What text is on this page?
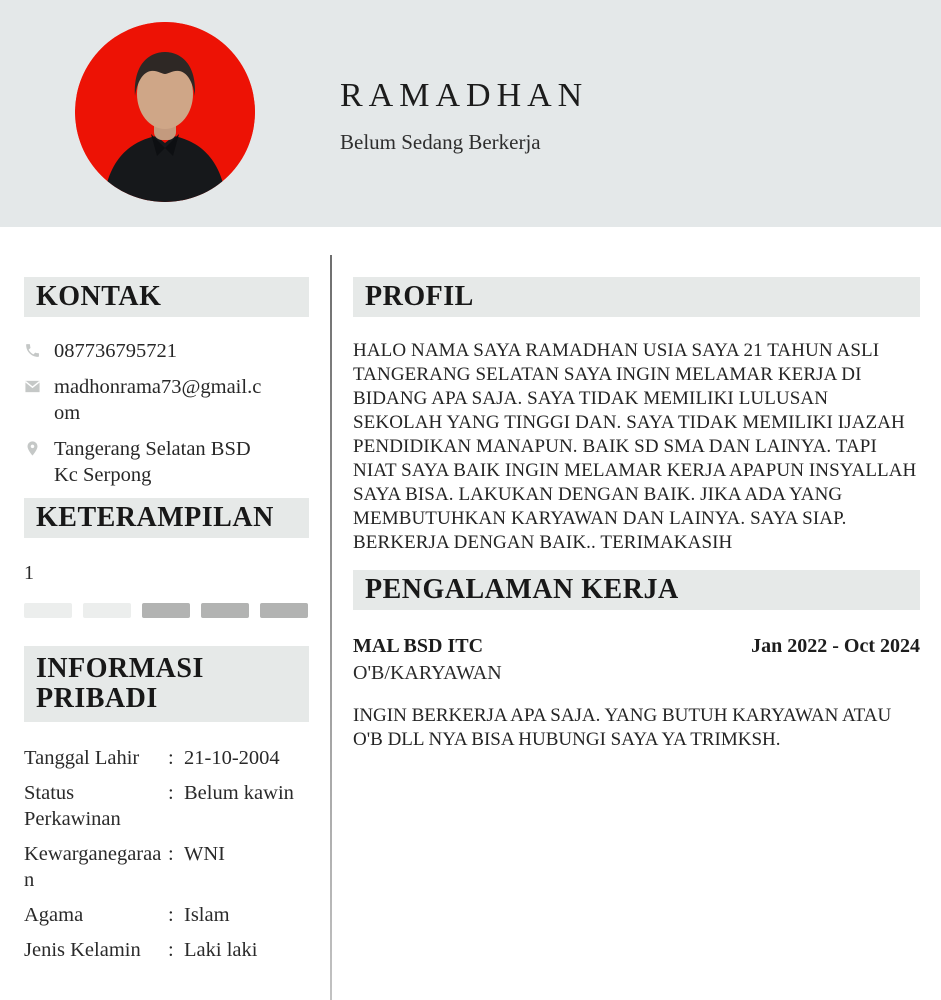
RAMADHAN
Belum Sedang Berkerja
KONTAK
087736795721
madhonrama73@gmail.com
Tangerang Selatan BSD Kc Serpong
KETERAMPILAN
1
INFORMASI PRIBADI
Tanggal Lahir	: 21-10-2004
Status Perkawinan
: Belum kawin
Kewarganegaraan
: WNI
Agama	: Islam
Jenis Kelamin	: Laki laki
PROFIL

HALO NAMA SAYA RAMADHAN USIA SAYA 21 TAHUN ASLI TANGERANG SELATAN SAYA INGIN MELAMAR KERJA DI BIDANG APA SAJA. SAYA TIDAK MEMILIKI LULUSAN SEKOLAH YANG TINGGI DAN. SAYA TIDAK MEMILIKI IJAZAH PENDIDIKAN MANAPUN. BAIK SD SMA DAN LAINYA. TAPI NIAT SAYA BAIK INGIN MELAMAR KERJA APAPUN INSYALLAH SAYA BISA. LAKUKAN DENGAN BAIK. JIKA ADA YANG MEMBUTUHKAN KARYAWAN DAN LAINYA. SAYA SIAP. BERKERJA DENGAN BAIK.. TERIMAKASIH

PENGALAMAN KERJA
MAL BSD ITC	Jan 2022 - Oct 2024
O'B/KARYAWAN

INGIN BERKERJA APA SAJA. YANG BUTUH KARYAWAN ATAU O'B DLL NYA BISA HUBUNGI SAYA YA TRIMKSH.
